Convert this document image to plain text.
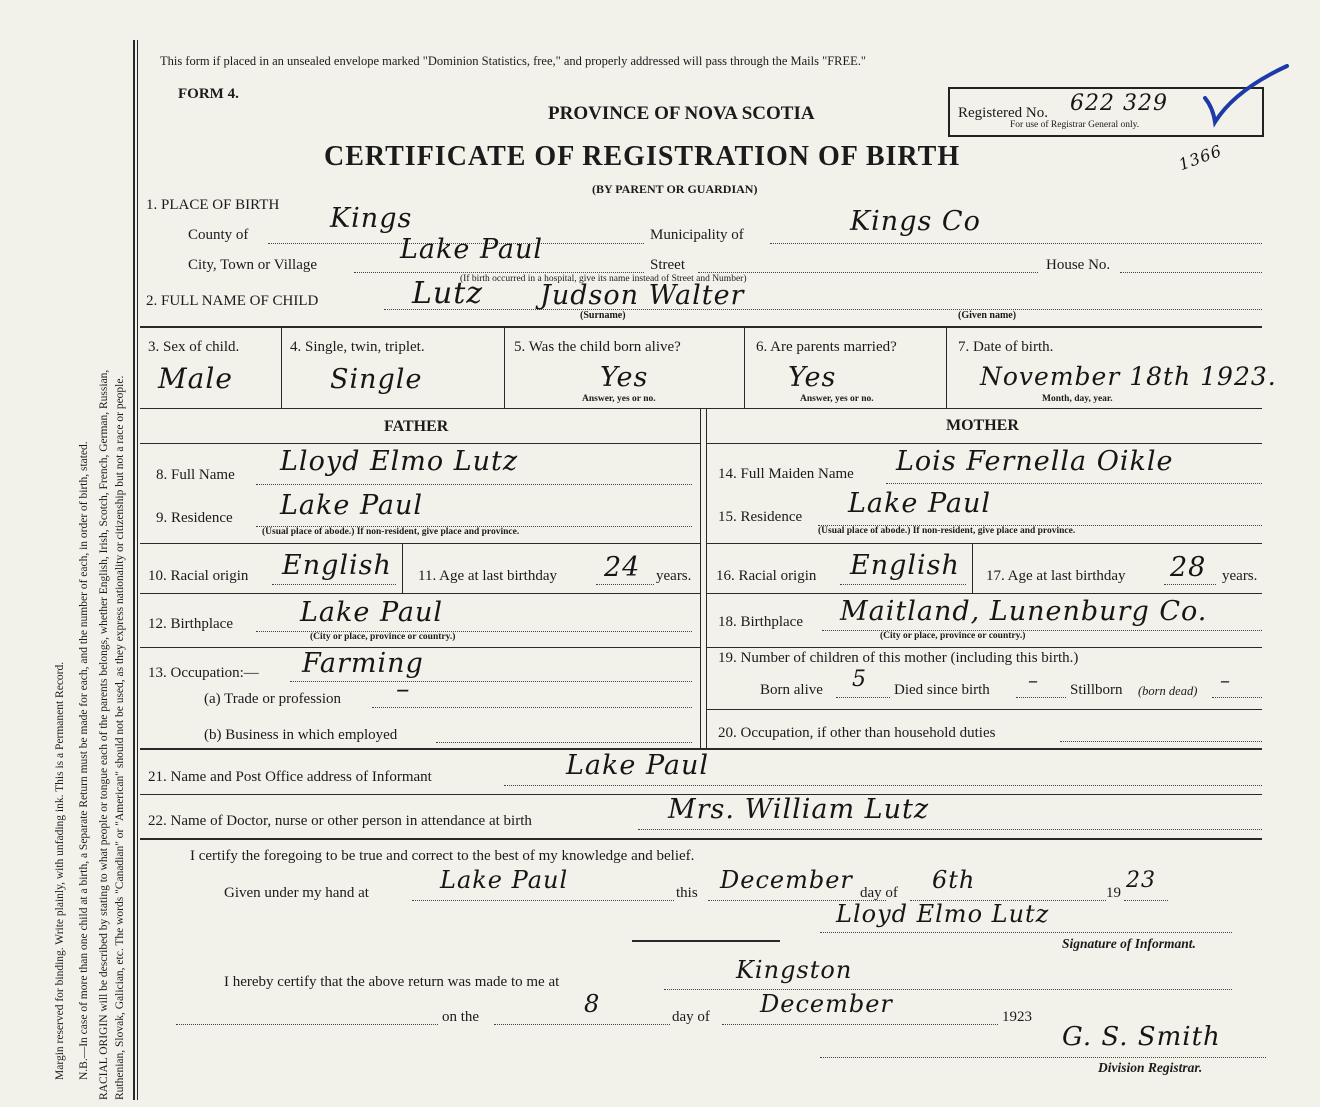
Margin reserved for binding. Write plainly, with unfading ink. This is a Permanent Record. N.B.—In case of more than one child at a birth, a Separate Return must be made for each, and the number of each, in order of birth, stated. RACIAL ORIGIN will be described by stating to what people or tongue each of the parents belongs, whether English, Irish, Scotch, French, German, Russian, Ruthenian, Slovak, Galician, etc. The words "Canadian" or "American" should not be used, as they express nationality or citizenship but not a race or people.
This form if placed in an unsealed envelope marked "Dominion Statistics, free," and properly addressed will pass through the Mails "FREE."
FORM 4.
PROVINCE OF NOVA SCOTIA	Registered No. 622 329
For use of Registrar General only.
1366
CERTIFICATE OF REGISTRATION OF BIRTH
(BY PARENT OR GUARDIAN)
1. PLACE OF BIRTH
County of
Kings
Municipality of	Kings Co
City, Town or Village	Lake Paul	Street
(If birth occurred in a hospital, give its name instead of Street and Number)
House No.
2. FULL NAME OF CHILD	Lutz Judson Walter
(Surname)	(Given name)
3. Sex of child.
Male
4. Single, twin, triplet.
Single
5. Was the child born alive?
Yes
Answer, yes or no.
6. Are parents married?
Yes
Answer, yes or no.
7. Date of birth.
November 18th 1923.
Month, day, year.
FATHER	MOTHER
8. Full Name Lloyd Elmo Lutz
9. Residence Lake Paul
(Usual place of abode.) If non-resident, give place and province.
10. Racial origin English 11. Age at last birthday 24 years.
12. Birthplace Lake Paul
(City or place, province or country.)
13. Occupation:— Farming
(a) Trade or profession –
(b) Business in which employed
14. Full Maiden Name Lois Fernella Oikle
15. Residence Lake Paul
(Usual place of abode.) If non-resident, give place and province.
16. Racial origin English 17. Age at last birthday 28 years.
18. Birthplace Maitland, Lunenburg Co.
(City or place, province or country.)
19. Number of children of this mother (including this birth.)
Born alive 5 Died since birth – Stillborn (born dead) –
20. Occupation, if other than household duties
21. Name and Post Office address of Informant	Lake Paul
22. Name of Doctor, nurse or other person in attendance at birth	Mrs. William Lutz
I certify the foregoing to be true and correct to the best of my knowledge and belief.
Given under my hand at	Lake Paul	this December day of 6th	19 23
Lloyd Elmo Lutz
Signature of Informant.
I hereby certify that the above return was made to me at	Kingston
on the	8	day of December	1923
G. S. Smith
Division Registrar.
